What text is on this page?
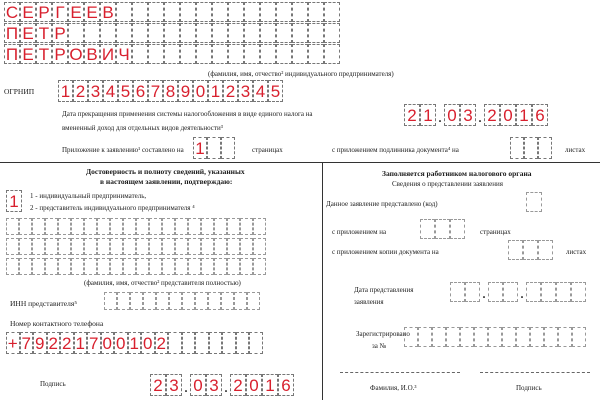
С Е Р Г Е Е В
П Е Т Р
П Е Т Р О В И Ч
(фамилия, имя, отчество² индивидуального предпринимателя)
ОГРНИП 1 2 3 4 5 6 7 8 9 0 1 2 3 4 5
Дата прекращения применения системы налогообложения в виде единого налога на
вмененный доход для отдельных видов деятельности³
2 1 . 0 3 . 2 0 1 6
Приложение к заявлению¹ составлено на 1	страницах	с приложением подлинника документа⁴ на	листах
Достоверность и полноту сведений, указанных
в настоящем заявлении, подтверждаю:
1	1 - индивидуальный предприниматель,
2 - представитель индивидуального предпринимателя ⁴
(фамилия, имя, отчество² представителя полностью)
ИНН представителя⁵
Номер контактного телефона
+ 7 9 2 2 1 7 0 0 1 0 2
Подпись	2 3 . 0 3 . 2 0 1 6
Заполняется работником налогового органа
Сведения о представлении заявления
Данное заявление представлено (код)
с приложением на	страницах
с приложением копии документа на	листах
Дата представления
заявления	. .
Зарегистрировано
за №
Фамилия, И.О.³	Подпись
